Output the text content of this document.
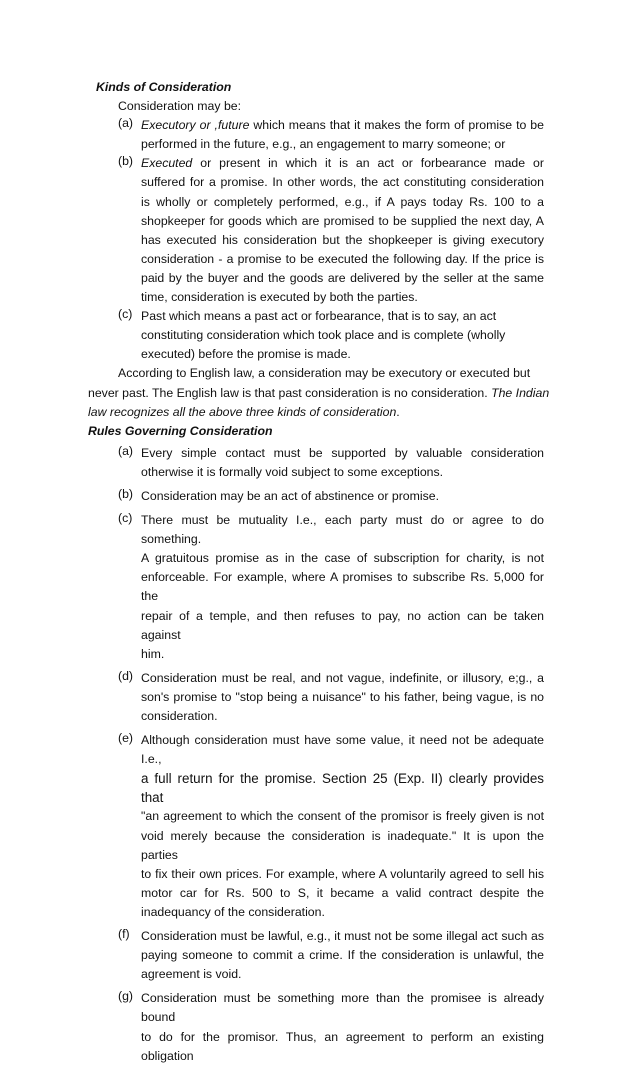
Kinds of Consideration
Consideration may be:
(a) Executory or ,future which means that it makes the form of promise to be
performed in the future, e.g., an engagement to marry someone; or
(b) Executed or present in which it is an act or forbearance made or
suffered for a promise. In other words, the act constituting consideration
is wholly or completely performed, e.g., if A pays today Rs. 100 to a
shopkeeper for goods which are promised to be supplied the next day, A
has executed his consideration but the shopkeeper is giving executory
consideration - a promise to be executed the following day. If the price is
paid by the buyer and the goods are delivered by the seller at the same
time, consideration is executed by both the parties.
(c) Past which means a past act or forbearance, that is to say, an act
constituting consideration which took place and is complete (wholly
executed) before the promise is made.
According to English law, a consideration may be executory or executed but
never past. The English law is that past consideration is no consideration. The Indian
law recognizes all the above three kinds of consideration.
Rules Governing Consideration
(a) Every simple contact must be supported by valuable consideration
otherwise it is formally void subject to some exceptions.
(b) Consideration may be an act of abstinence or promise.
(c) There must be mutuality I.e., each party must do or agree to do something.
A gratuitous promise as in the case of subscription for charity, is not
enforceable. For example, where A promises to subscribe Rs. 5,000 for the
repair of a temple, and then refuses to pay, no action can be taken against
him.
(d) Consideration must be real, and not vague, indefinite, or illusory, e;g., a
son's promise to "stop being a nuisance" to his father, being vague, is no
consideration.
(e) Although consideration must have some value, it need not be adequate I.e.,
a full return for the promise. Section 25 (Exp. II) clearly provides that
"an agreement to which the consent of the promisor is freely given is not
void merely because the consideration is inadequate." It is upon the parties
to fix their own prices. For example, where A voluntarily agreed to sell his
motor car for Rs. 500 to S, it became a valid contract despite the
inadequancy of the consideration.
(f) Consideration must be lawful, e.g., it must not be some illegal act such as
paying someone to commit a crime. If the consideration is unlawful, the
agreement is void.
(g) Consideration must be something more than the promisee is already bound
to do for the promisor. Thus, an agreement to perform an existing obligation
